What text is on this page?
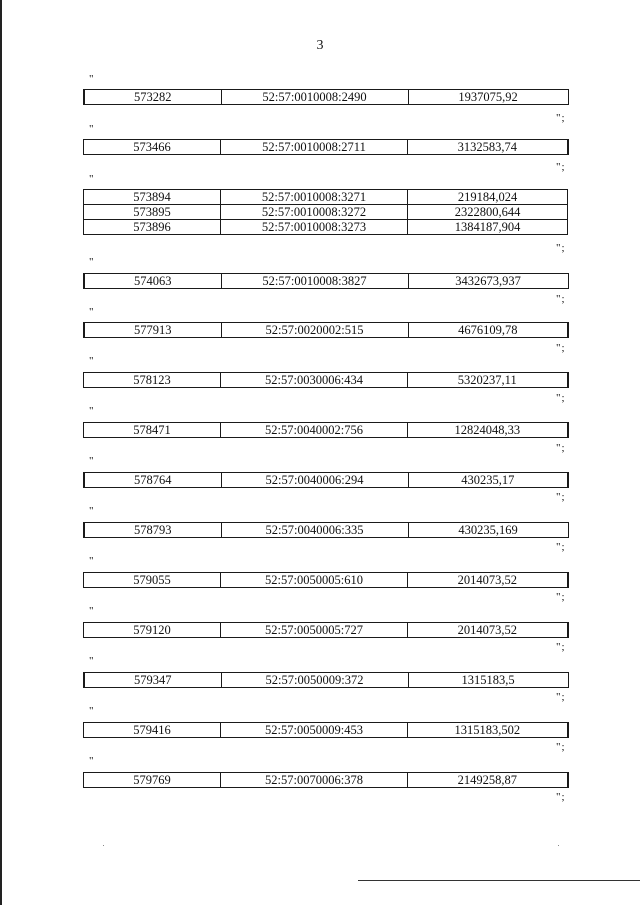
3
"
573282	52:57:0010008:2490	1937075,92
";
"
573466	52:57:0010008:2711	3132583,74
";
"
573894	52:57:0010008:3271	219184,024
573895	52:57:0010008:3272	2322800,644
573896	52:57:0010008:3273	1384187,904
";
"
574063	52:57:0010008:3827	3432673,937
";
"
577913	52:57:0020002:515	4676109,78
";
"
578123	52:57:0030006:434	5320237,11
";
"
578471	52:57:0040002:756	12824048,33
";
"
578764	52:57:0040006:294	430235,17
";
"
578793	52:57:0040006:335	430235,169
";
"
579055	52:57:0050005:610	2014073,52
";
"
579120	52:57:0050005:727	2014073,52
";
"
579347	52:57:0050009:372	1315183,5
";
"
579416	52:57:0050009:453	1315183,502
";
"
579769	52:57:0070006:378	2149258,87
";
